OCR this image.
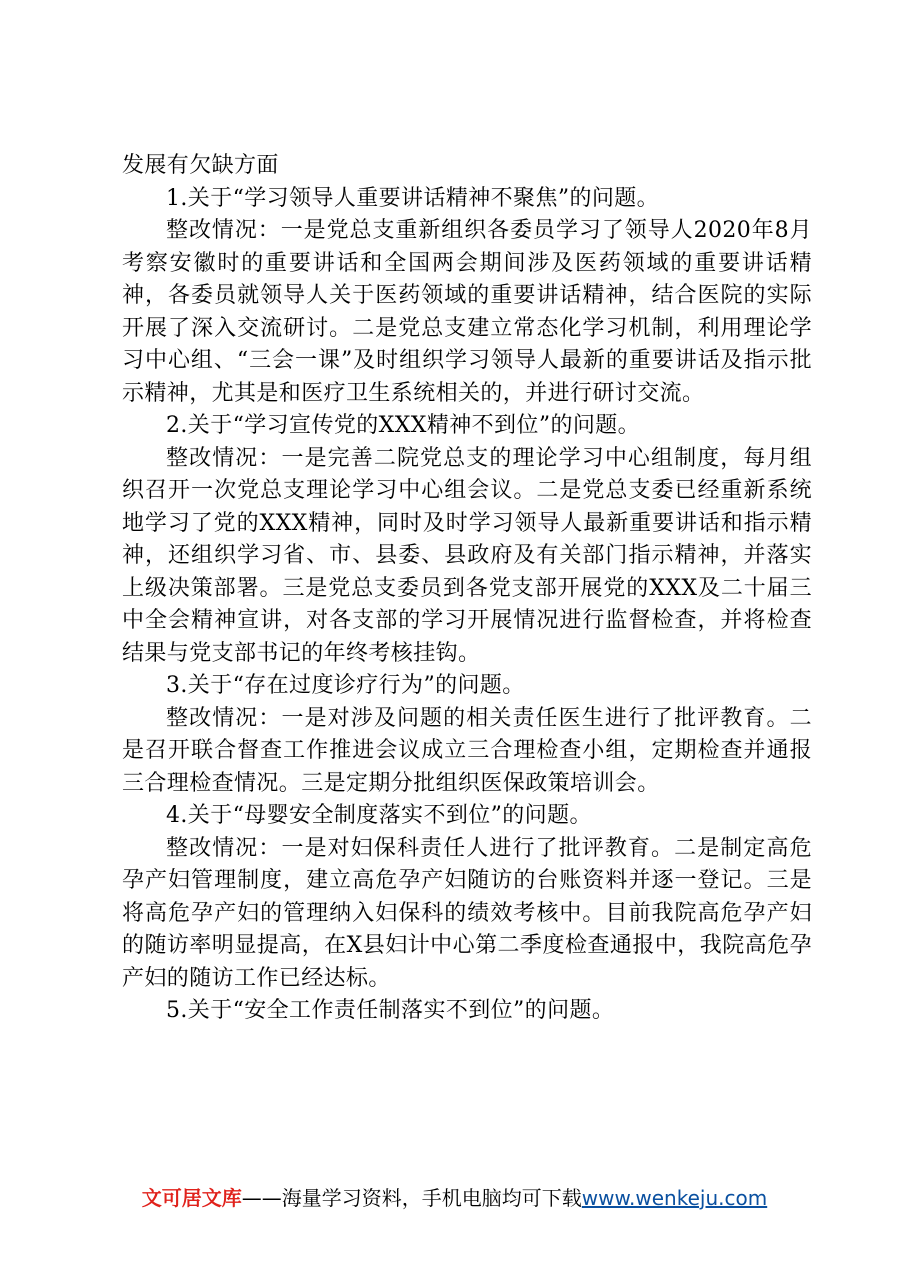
发展有欠缺方面

1.关于“学习领导人重要讲话精神不聚焦”的问题。

整改情况：一是党总支重新组织各委员学习了领导人2020年8月考察安徽时的重要讲话和全国两会期间涉及医药领域的重要讲话精神，各委员就领导人关于医药领域的重要讲话精神，结合医院的实际开展了深入交流研讨。二是党总支建立常态化学习机制，利用理论学习中心组、“三会一课”及时组织学习领导人最新的重要讲话及指示批示精神，尤其是和医疗卫生系统相关的，并进行研讨交流。

2.关于“学习宣传党的XXX精神不到位”的问题。

整改情况：一是完善二院党总支的理论学习中心组制度，每月组织召开一次党总支理论学习中心组会议。二是党总支委已经重新系统地学习了党的XXX精神，同时及时学习领导人最新重要讲话和指示精神，还组织学习省、市、县委、县政府及有关部门指示精神，并落实上级决策部署。三是党总支委员到各党支部开展党的XXX及二十届三中全会精神宣讲，对各支部的学习开展情况进行监督检查，并将检查结果与党支部书记的年终考核挂钩。

3.关于“存在过度诊疗行为”的问题。

整改情况：一是对涉及问题的相关责任医生进行了批评教育。二是召开联合督查工作推进会议成立三合理检查小组，定期检查并通报三合理检查情况。三是定期分批组织医保政策培训会。

4.关于“母婴安全制度落实不到位”的问题。

整改情况：一是对妇保科责任人进行了批评教育。二是制定高危孕产妇管理制度，建立高危孕产妇随访的台账资料并逐一登记。三是将高危孕产妇的管理纳入妇保科的绩效考核中。目前我院高危孕产妇的随访率明显提高，在X县妇计中心第二季度检查通报中，我院高危孕产妇的随访工作已经达标。

5.关于“安全工作责任制落实不到位”的问题。

文可居文库——海量学习资料，手机电脑均可下载www.wenkeju.com
